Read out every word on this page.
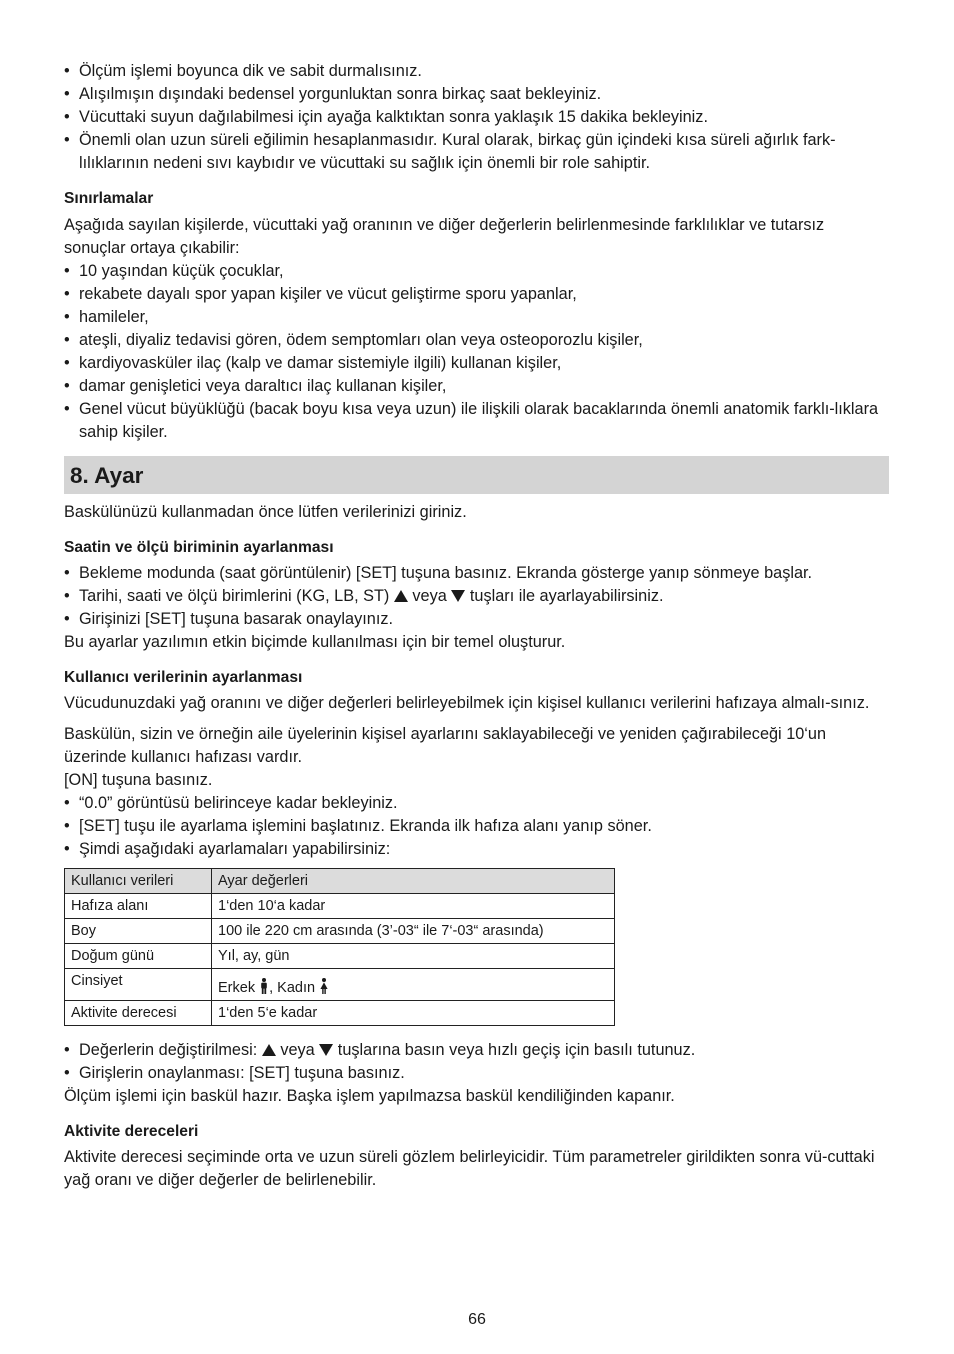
• Ölçüm işlemi boyunca dik ve sabit durmalısınız.
• Alışılmışın dışındaki bedensel yorgunluktan sonra birkaç saat bekleyiniz.
• Vücuttaki suyun dağılabilmesi için ayağa kalktıktan sonra yaklaşık 15 dakika bekleyiniz.
• Önemli olan uzun süreli eğilimin hesaplanmasıdır. Kural olarak, birkaç gün içindeki kısa süreli ağırlık fark-lılıklarının nedeni sıvı kaybıdır ve vücuttaki su sağlık için önemli bir role sahiptir.
Sınırlamalar

Aşağıda sayılan kişilerde, vücuttaki yağ oranının ve diğer değerlerin belirlenmesinde farklılıklar ve tutarsız sonuçlar ortaya çıkabilir:

• 10 yaşından küçük çocuklar,
• rekabete dayalı spor yapan kişiler ve vücut geliştirme sporu yapanlar,
• hamileler,
• ateşli, diyaliz tedavisi gören, ödem semptomları olan veya osteoporozlu kişiler,
• kardiyovasküler ilaç (kalp ve damar sistemiyle ilgili) kullanan kişiler,
• damar genişletici veya daraltıcı ilaç kullanan kişiler,
• Genel vücut büyüklüğü (bacak boyu kısa veya uzun) ile ilişkili olarak bacaklarında önemli anatomik farklı-lıklara sahip kişiler.
8. Ayar

Baskülünüzü kullanmadan önce lütfen verilerinizi giriniz.

Saatin ve ölçü biriminin ayarlanması
• Bekleme modunda (saat görüntülenir) [SET] tuşuna basınız. Ekranda gösterge yanıp sönmeye başlar.
• Tarihi, saati ve ölçü birimlerini (KG, LB, ST) veya tuşları ile ayarlayabilirsiniz.
• Girişinizi [SET] tuşuna basarak onaylayınız.

Bu ayarlar yazılımın etkin biçimde kullanılması için bir temel oluşturur.

Kullanıcı verilerinin ayarlanması

Vücudunuzdaki yağ oranını ve diğer değerleri belirleyebilmek için kişisel kullanıcı verilerini hafızaya almalı-sınız.

Baskülün, sizin ve örneğin aile üyelerinin kişisel ayarlarını saklayabileceği ve yeniden çağırabileceği 10‘un üzerinde kullanıcı hafızası vardır.

[ON] tuşuna basınız.

• “0.0” görüntüsü belirinceye kadar bekleyiniz.
• [SET] tuşu ile ayarlama işlemini başlatınız. Ekranda ilk hafıza alanı yanıp söner.
• Şimdi aşağıdaki ayarlamaları yapabilirsiniz:
Kullanıcı verileri	Ayar değerleri
Hafıza alanı	1‘den 10‘a kadar
Boy	100 ile 220 cm arasında (3’-03“ ile 7‘-03“ arasında)
Doğum günü	Yıl, ay, gün
Cinsiyet	Erkek , Kadın
Aktivite derecesi	1‘den 5‘e kadar
• Değerlerin değiştirilmesi: veya tuşlarına basın veya hızlı geçiş için basılı tutunuz.
• Girişlerin onaylanması: [SET] tuşuna basınız.

Ölçüm işlemi için baskül hazır. Başka işlem yapılmazsa baskül kendiliğinden kapanır.

Aktivite dereceleri

Aktivite derecesi seçiminde orta ve uzun süreli gözlem belirleyicidir. Tüm parametreler girildikten sonra vü-cuttaki yağ oranı ve diğer değerler de belirlenebilir.

66
